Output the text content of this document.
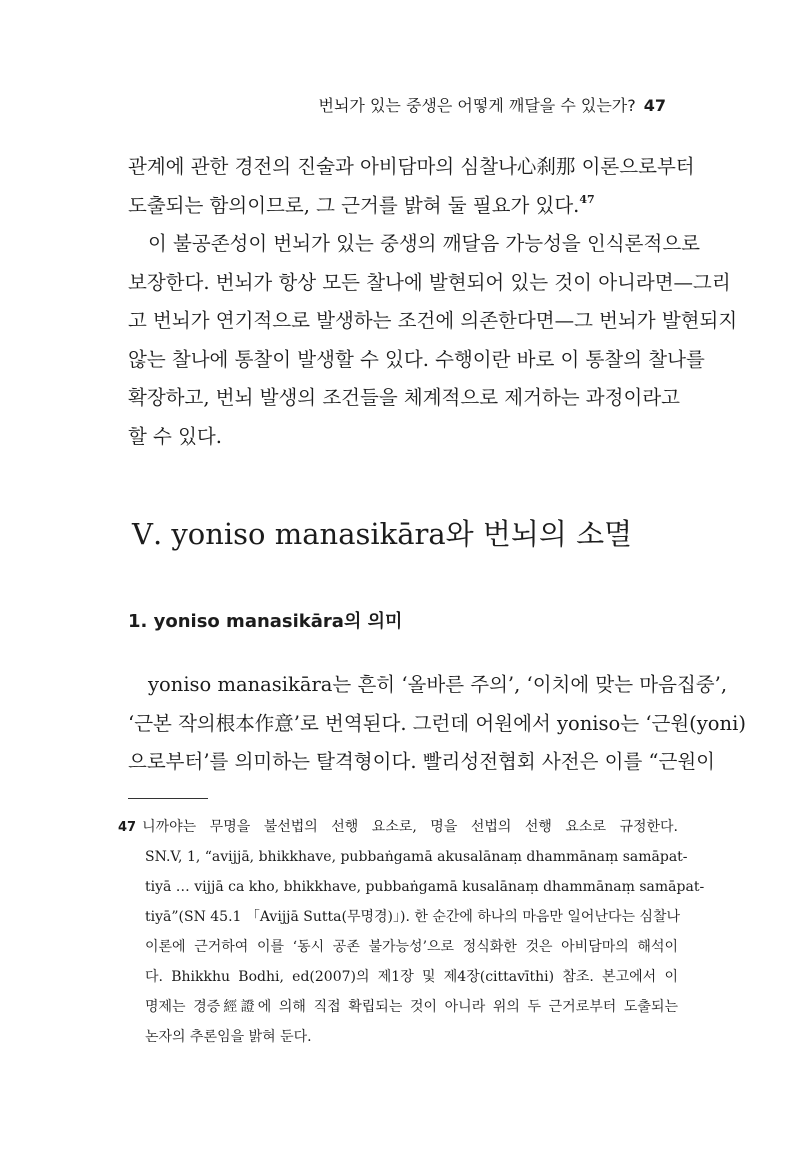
번뇌가 있는 중생은 어떻게 깨달을 수 있는가? 47
관계에 관한 경전의 진술과 아비담마의 심찰나心刹那 이론으로부터
도출되는 함의이므로, 그 근거를 밝혀 둘 필요가 있다.$^{47}$
이 불공존성이 번뇌가 있는 중생의 깨달음 가능성을 인식론적으로
보장한다. 번뇌가 항상 모든 찰나에 발현되어 있는 것이 아니라면—그리
고 번뇌가 연기적으로 발생하는 조건에 의존한다면—그 번뇌가 발현되지
않는 찰나에 통찰이 발생할 수 있다. 수행이란 바로 이 통찰의 찰나를
확장하고, 번뇌 발생의 조건들을 체계적으로 제거하는 과정이라고
할 수 있다.
Ⅴ. yoniso manasikāra와 번뇌의 소멸
1. yoniso manasikāra의 의미
yoniso manasikāra는 흔히 ‘올바른 주의’, ‘이치에 맞는 마음집중’,
‘근본 작의根本作意’로 번역된다. 그런데 어원에서 yoniso는 ‘근원(yoni)
으로부터’를 의미하는 탈격형이다. 빨리성전협회 사전은 이를 “근원이
47 니까야는 무명을 불선법의 선행 요소로, 명을 선법의 선행 요소로 규정한다.
SN.V, 1, “avijjā, bhikkhave, pubbaṅgamā akusalānaṃ dhammānaṃ samāpat-
tiyā … vijjā ca kho, bhikkhave, pubbaṅgamā kusalānaṃ dhammānaṃ samāpat-
tiyā”(SN 45.1 「Avijjā Sutta(무명경)」). 한 순간에 하나의 마음만 일어난다는 심찰나
이론에 근거하여 이를 ‘동시 공존 불가능성’으로 정식화한 것은 아비담마의 해석이
다. Bhikkhu Bodhi, ed(2007)의 제1장 및 제4장(cittavīthi) 참조. 본고에서 이
명제는 경증經證에 의해 직접 확립되는 것이 아니라 위의 두 근거로부터 도출되는
논자의 추론임을 밝혀 둔다.
